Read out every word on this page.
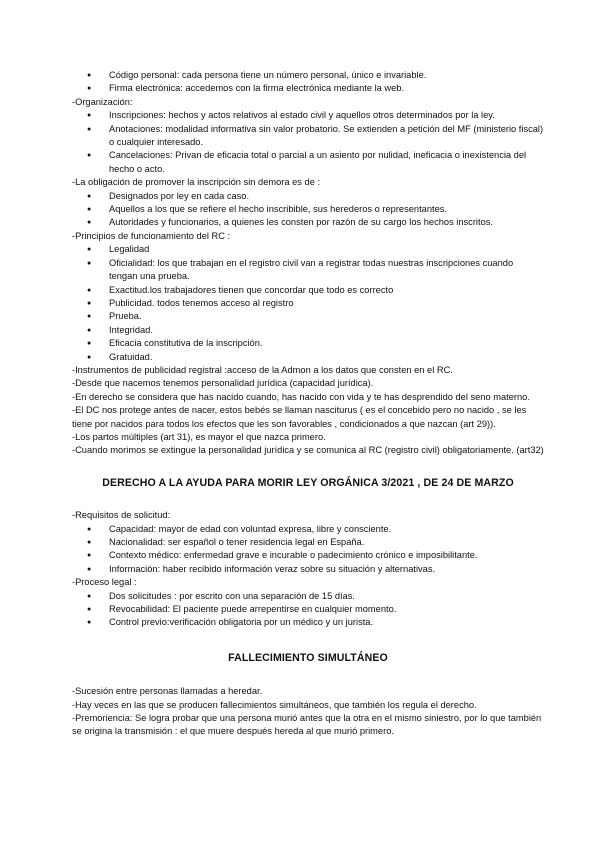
● Código personal: cada persona tiene un número personal, único e invariable.
● Firma electrónica: accedemos con la firma electrónica mediante la web.

-Organización:

● Inscripciones: hechos y actos relativos al estado civil y aquellos otros determinados por la ley.
● Anotaciones: modalidad informativa sin valor probatorio. Se extienden a petición del MF (ministerio fiscal) o cualquier interesado.
● Cancelaciones: Privan de eficacia total o parcial a un asiento por nulidad, ineficacia o inexistencia del hecho o acto.

-La obligación de promover la inscripción sin demora es de :

● Designados por ley en cada caso.
● Aquellos a los que se refiere el hecho inscribible, sus herederos o representantes.
● Autoridades y funcionarios, a quienes les consten por razón de su cargo los hechos inscritos.

-Principios de funcionamiento del RC :

● Legalidad
● Oficialidad: los que trabajan en el registro civil van a registrar todas nuestras inscripciones cuando tengan una prueba.
● Exactitud.los trabajadores tienen que concordar que todo es correcto
● Publicidad. todos tenemos acceso al registro
● Prueba.
● Integridad.
● Eficacia constitutiva de la inscripción.
● Gratuidad.

-Instrumentos de publicidad registral :acceso de la Admon a los datos que consten en el RC.

-Desde que nacemos tenemos personalidad jurídica (capacidad jurídica).

-En derecho se considera que has nacido cuando, has nacido con vida y te has desprendido del seno materno.

-El DC nos protege antes de nacer, estos bebés se llaman nasciturus ( es el concebido pero no nacido , se les tiene por nacidos para todos los efectos que les son favorables , condicionados a que nazcan (art 29)).

-Los partos múltiples (art 31), es mayor el que nazca primero.

-Cuando morimos se extingue la personalidad jurídica y se comunica al RC (registro civil) obligatoriamente. (art32)

DERECHO A LA AYUDA PARA MORIR LEY ORGÁNICA 3/2021 , DE 24 DE MARZO

-Requisitos de solicitud:

● Capacidad: mayor de edad con voluntad expresa, libre y consciente.
● Nacionalidad: ser español o tener residencia legal en España.
● Contexto médico: enfermedad grave e incurable o padecimiento crónico e imposibilitante.
● Información: haber recibido información veraz sobre su situación y alternativas.

-Proceso legal :

● Dos solicitudes : por escrito con una separación de 15 días.
● Revocabilidad: El paciente puede arrepentirse en cualquier momento.
● Control previo:verificación obligatoria por un médico y un jurista.

FALLECIMIENTO SIMULTÁNEO

-Sucesión entre personas llamadas a heredar.

-Hay veces en las que se producen fallecimientos simultáneos, que también los regula el derecho.

-Premoriencia: Se logra probar que una persona murió antes que la otra en el mismo siniestro, por lo que también se origina la transmisión : el que muere después hereda al que murió primero.
